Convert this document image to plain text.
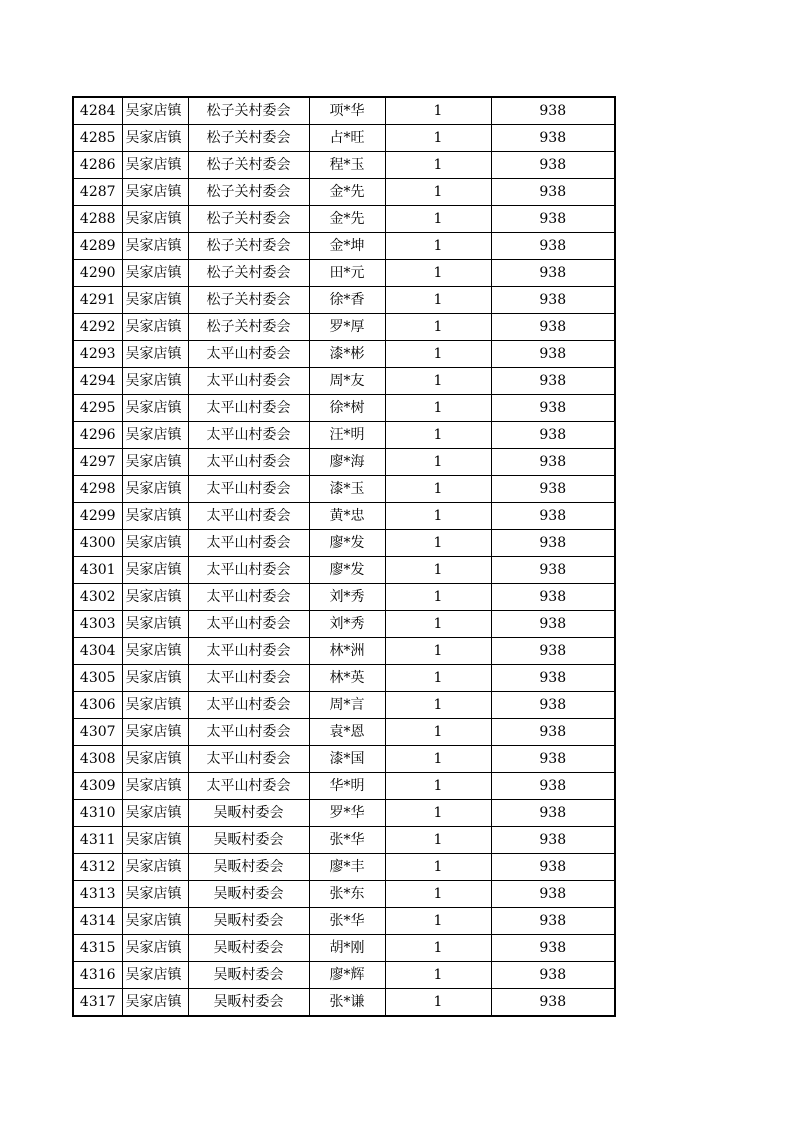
4284	吴家店镇	松子关村委会	项*华	1	938
4285	吴家店镇	松子关村委会	占*旺	1	938
4286	吴家店镇	松子关村委会	程*玉	1	938
4287	吴家店镇	松子关村委会	金*先	1	938
4288	吴家店镇	松子关村委会	金*先	1	938
4289	吴家店镇	松子关村委会	金*坤	1	938
4290	吴家店镇	松子关村委会	田*元	1	938
4291	吴家店镇	松子关村委会	徐*香	1	938
4292	吴家店镇	松子关村委会	罗*厚	1	938
4293	吴家店镇	太平山村委会	漆*彬	1	938
4294	吴家店镇	太平山村委会	周*友	1	938
4295	吴家店镇	太平山村委会	徐*树	1	938
4296	吴家店镇	太平山村委会	汪*明	1	938
4297	吴家店镇	太平山村委会	廖*海	1	938
4298	吴家店镇	太平山村委会	漆*玉	1	938
4299	吴家店镇	太平山村委会	黄*忠	1	938
4300	吴家店镇	太平山村委会	廖*发	1	938
4301	吴家店镇	太平山村委会	廖*发	1	938
4302	吴家店镇	太平山村委会	刘*秀	1	938
4303	吴家店镇	太平山村委会	刘*秀	1	938
4304	吴家店镇	太平山村委会	林*洲	1	938
4305	吴家店镇	太平山村委会	林*英	1	938
4306	吴家店镇	太平山村委会	周*言	1	938
4307	吴家店镇	太平山村委会	袁*恩	1	938
4308	吴家店镇	太平山村委会	漆*国	1	938
4309	吴家店镇	太平山村委会	华*明	1	938
4310	吴家店镇	吴畈村委会	罗*华	1	938
4311	吴家店镇	吴畈村委会	张*华	1	938
4312	吴家店镇	吴畈村委会	廖*丰	1	938
4313	吴家店镇	吴畈村委会	张*东	1	938
4314	吴家店镇	吴畈村委会	张*华	1	938
4315	吴家店镇	吴畈村委会	胡*刚	1	938
4316	吴家店镇	吴畈村委会	廖*辉	1	938
4317	吴家店镇	吴畈村委会	张*谦	1	938
